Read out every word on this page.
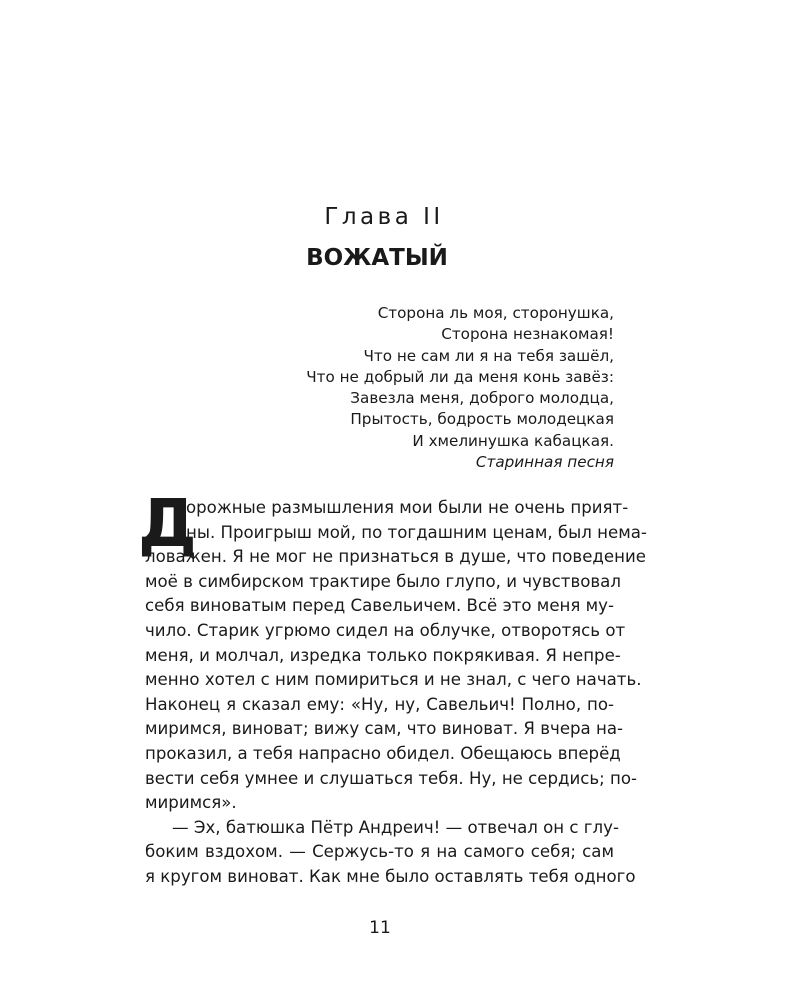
Глава II
ВОЖАТЫЙ
Сторона ль моя, сторонушка,
Сторона незнакомая!
Что не сам ли я на тебя зашёл,
Что не добрый ли да меня конь завёз:
Завезла меня, доброго молодца,
Прытость, бодрость молодецкая
И хмелинушка кабацкая.
Старинная песня
Д
орожные размышления мои были не очень прият-
ны. Проигрыш мой, по тогдашним ценам, был нема-
ловажен. Я не мог не признаться в душе, что поведение
моё в симбирском трактире было глупо, и чувствовал
себя виноватым перед Савельичем. Всё это меня му-
чило. Старик угрюмо сидел на облучке, отворотясь от
меня, и молчал, изредка только покрякивая. Я непре-
менно хотел с ним помириться и не знал, с чего начать.
Наконец я сказал ему: «Ну, ну, Савельич! Полно, по-
миримся, виноват; вижу сам, что виноват. Я вчера на-
проказил, а тебя напрасно обидел. Обещаюсь вперёд
вести себя умнее и слушаться тебя. Ну, не сердись; по-
миримся».
— Эх, батюшка Пётр Андреич! — отвечал он с глу-
боким вздохом. — Сержусь-то я на самого себя; сам
я кругом виноват. Как мне было оставлять тебя одного
11
